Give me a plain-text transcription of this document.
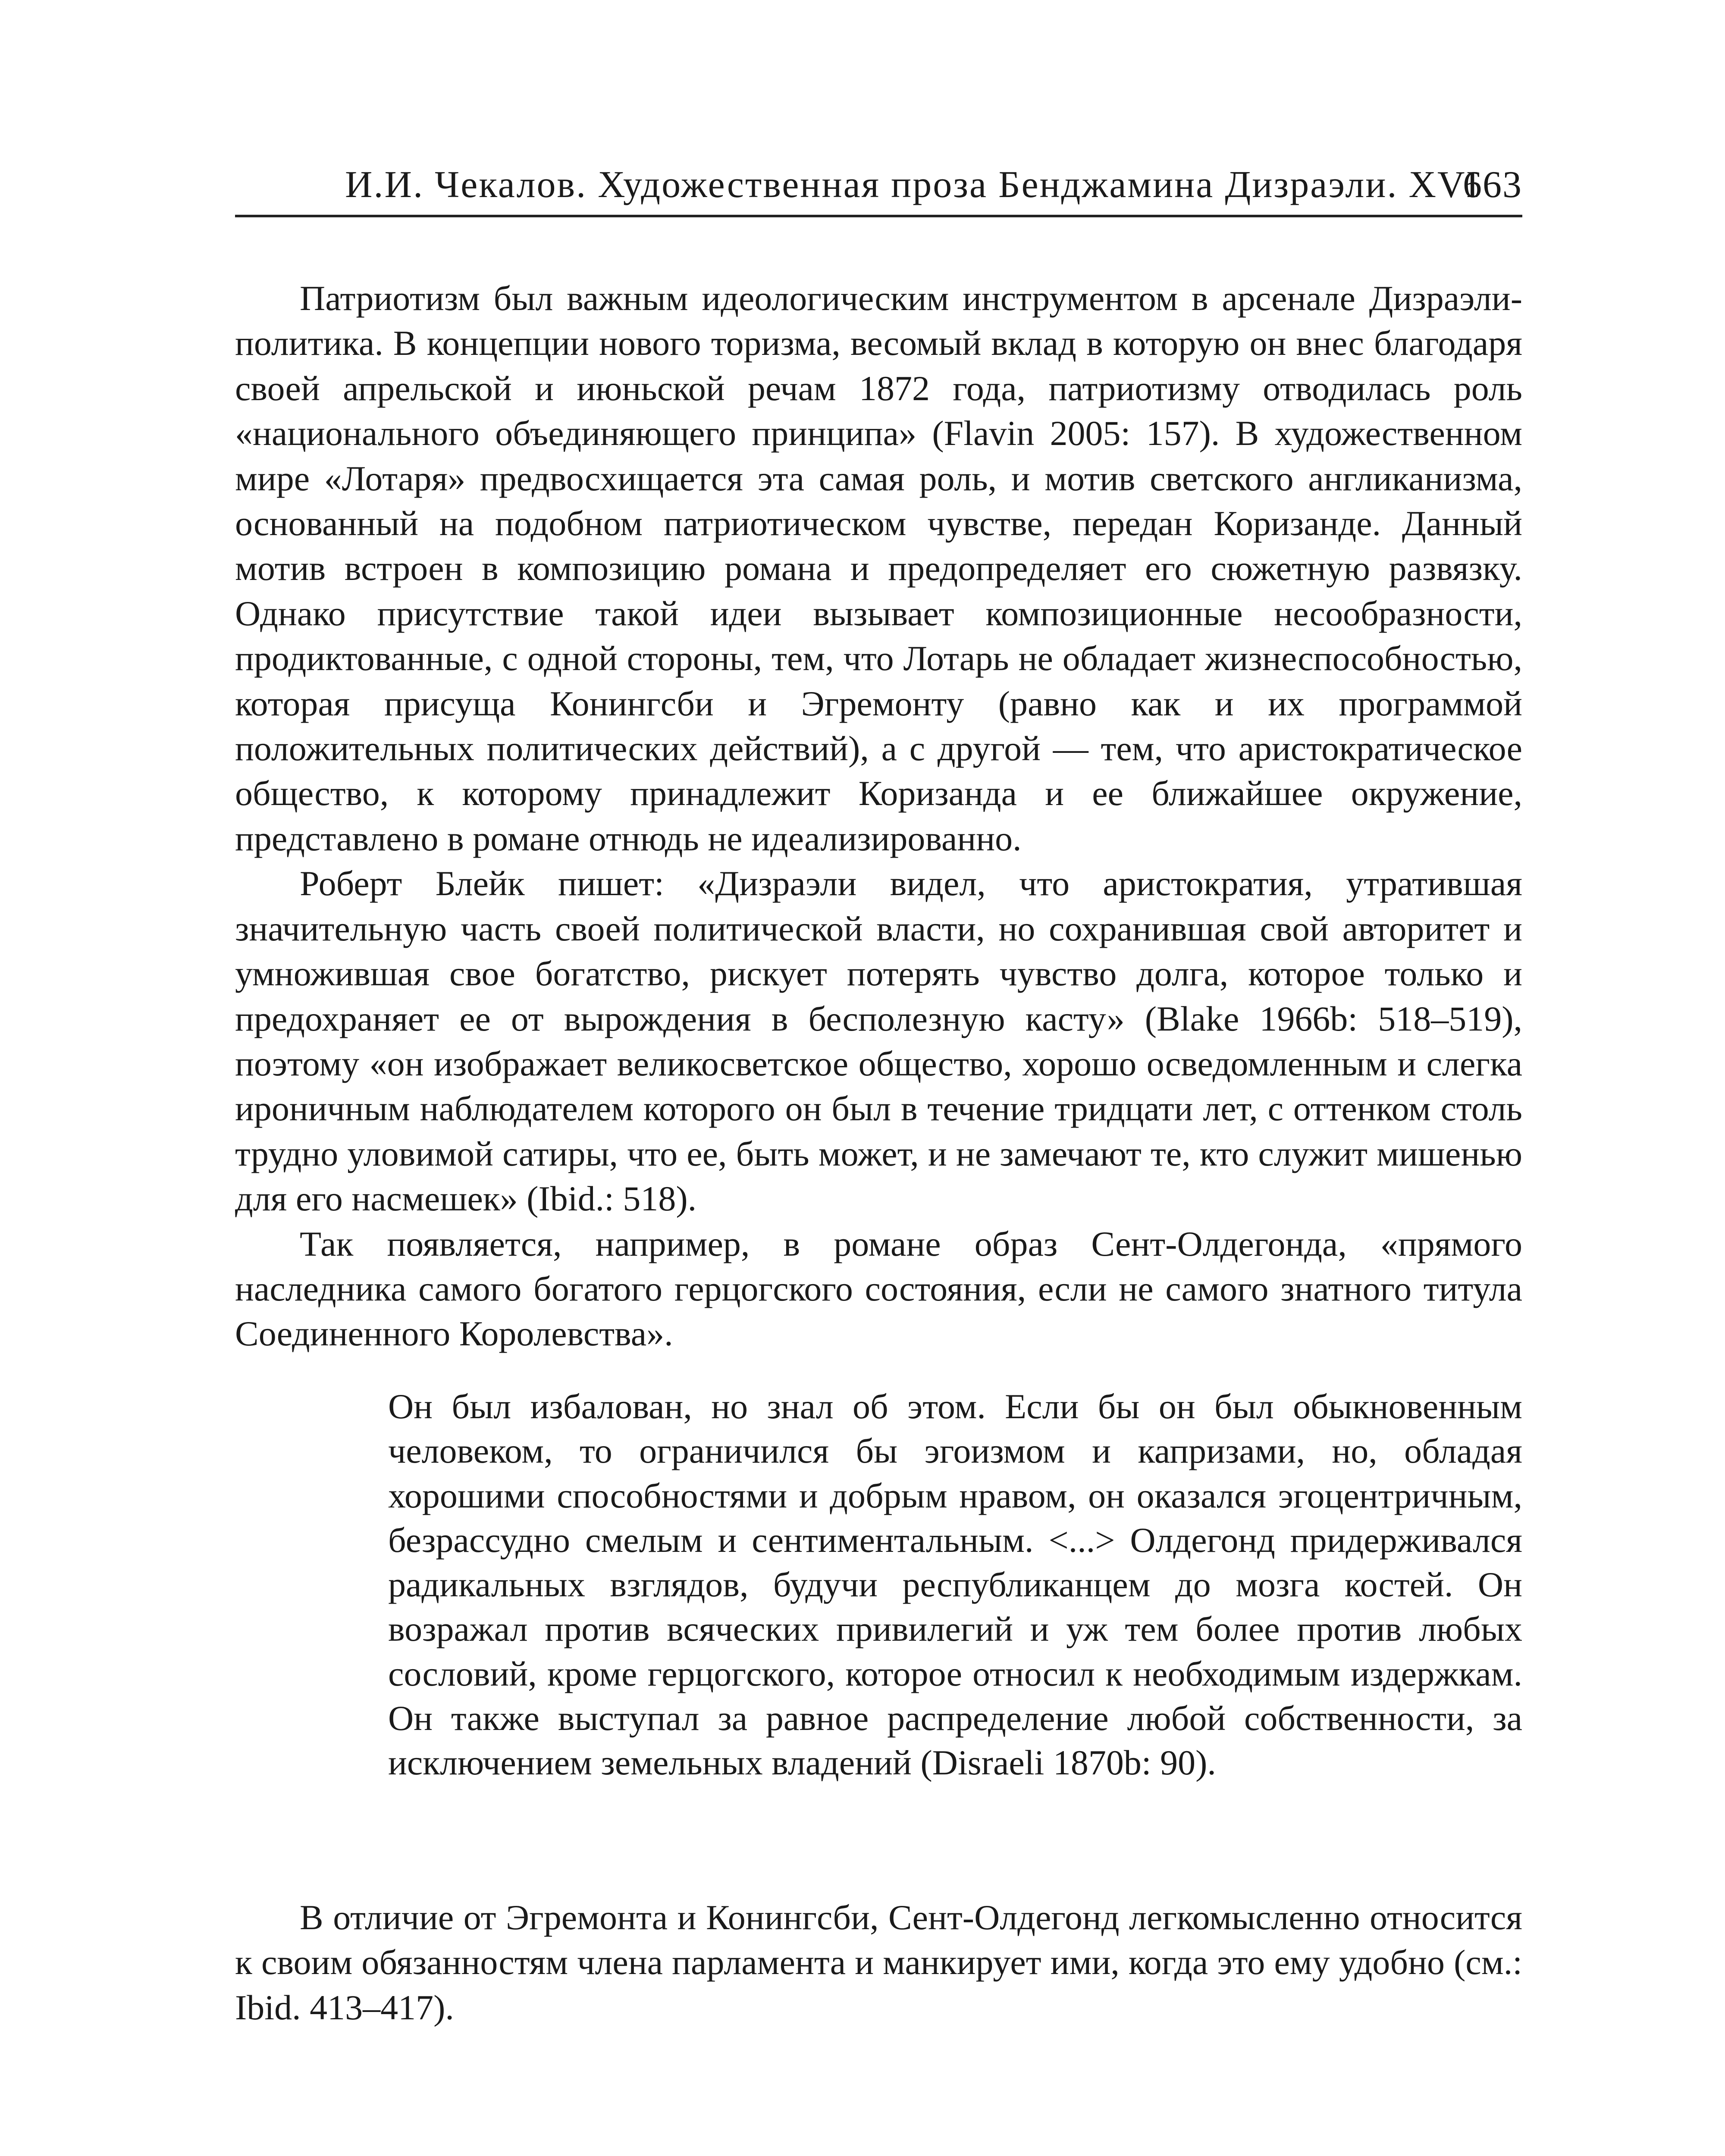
И.И. Чекалов. Художественная проза Бенджамина Дизраэли. XVI
663

Патриотизм был важным идеологическим инструментом в арсенале Дизраэли-политика. В концепции нового торизма, весомый вклад в которую он внес благодаря своей апрельской и июньской речам 1872 года, патриотизму отводилась роль «национального объединяющего принципа» (Flavin 2005: 157). В художественном мире «Лотаря» предвосхищается эта самая роль, и мотив светского англиканизма, основанный на подобном патриотическом чувстве, передан Коризанде. Данный мотив встроен в композицию романа и предопределяет его сюжетную развязку. Однако присутствие такой идеи вызывает композиционные несообразности, продиктованные, с одной стороны, тем, что Лотарь не обладает жизнеспособностью, которая присуща Конингсби и Эгремонту (равно как и их программой положительных политических действий), а с другой — тем, что аристократическое общество, к которому принадлежит Коризанда и ее ближайшее окружение, представлено в романе отнюдь не идеализированно.

Роберт Блейк пишет: «Дизраэли видел, что аристократия, утратившая значительную часть своей политической власти, но сохранившая свой авторитет и умножившая свое богатство, рискует потерять чувство долга, которое только и предохраняет ее от вырождения в бесполезную касту» (Blake 1966b: 518–519), поэтому «он изображает великосветское общество, хорошо осведомленным и слегка ироничным наблюдателем которого он был в течение тридцати лет, с оттенком столь трудно уловимой сатиры, что ее, быть может, и не замечают те, кто служит мишенью для его насмешек» (Ibid.: 518).

Так появляется, например, в романе образ Сент-Олдегонда, «прямого наследника самого богатого герцогского состояния, если не самого знатного титула Соединенного Королевства».

Он был избалован, но знал об этом. Если бы он был обыкновенным человеком, то ограничился бы эгоизмом и капризами, но, обладая хорошими способностями и добрым нравом, он оказался эгоцентричным, безрассудно смелым и сентиментальным. <...> Олдегонд придерживался радикальных взглядов, будучи республиканцем до мозга костей. Он возражал против всяческих привилегий и уж тем более против любых сословий, кроме герцогского, которое относил к необходимым издержкам. Он также выступал за равное распределение любой собственности, за исключением земельных владений (Disraeli 1870b: 90).

В отличие от Эгремонта и Конингсби, Сент-Олдегонд легкомысленно относится к своим обязанностям члена парламента и манкирует ими, когда это ему удобно (см.: Ibid. 413–417).
